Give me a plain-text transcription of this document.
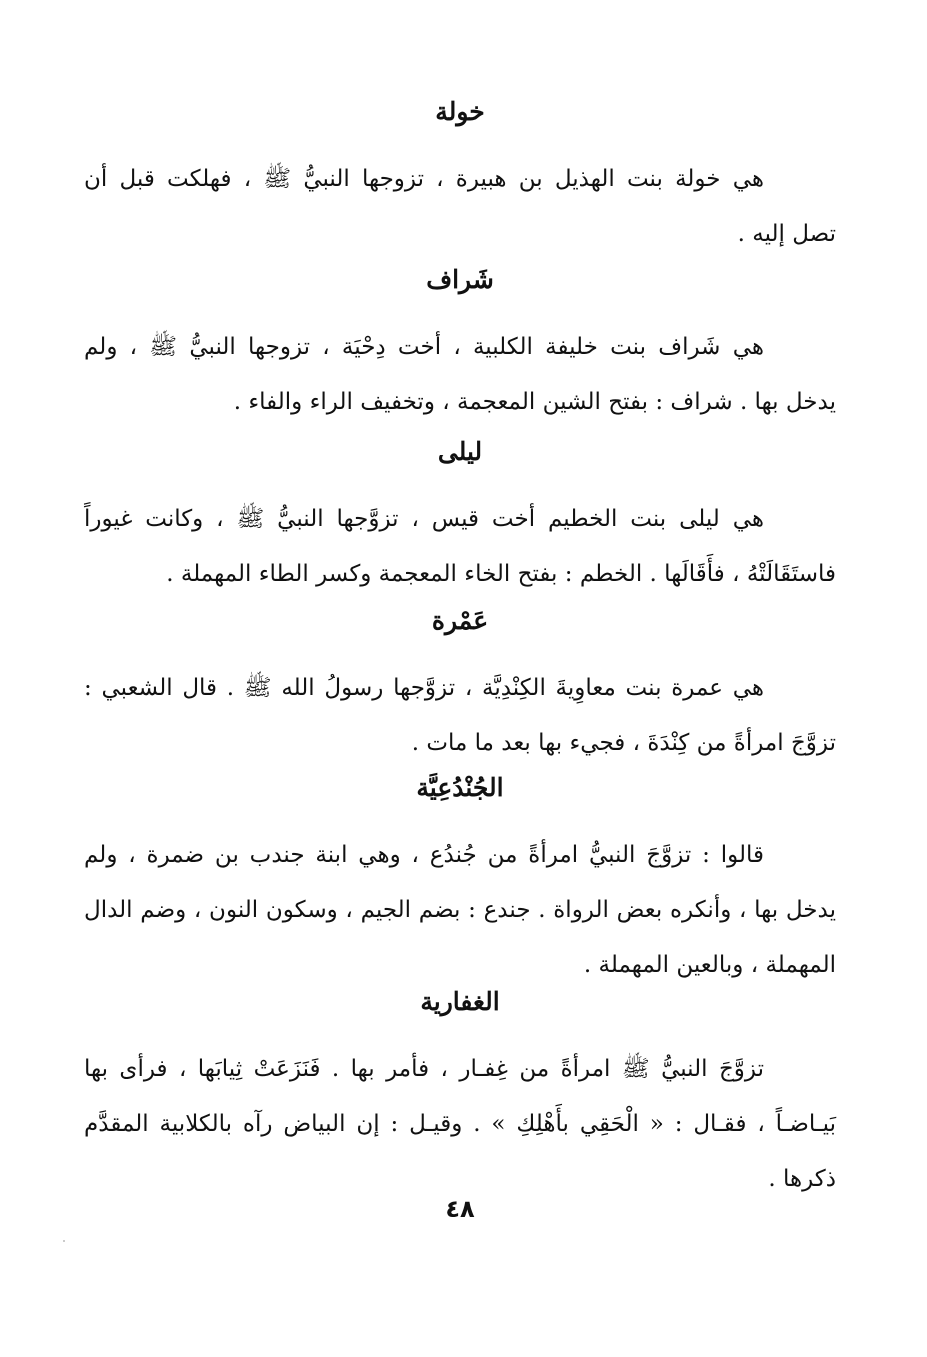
خولة

هي خولة بنت الهذيل بن هبيرة ، تزوجها النبيُّ ﷺ ، فهلكت قبل أن
تصل إليه .

شَراف

هي شَراف بنت خليفة الكلبية ، أخت دِحْيَة ، تزوجها النبيُّ ﷺ ، ولم
يدخل بها . شراف : بفتح الشين المعجمة ، وتخفيف الراء والفاء .

ليلى

هي ليلى بنت الخطيم أخت قيس ، تزوَّجها النبيُّ ﷺ ، وكانت غيوراً
فاستَقَالَتْهُ ، فأَقَالَها . الخطم : بفتح الخاء المعجمة وكسر الطاء المهملة .

عَمْرة

هي عمرة بنت معاوِيةَ الكِنْدِيَّة ، تزوَّجها رسولُ الله ﷺ . قال الشعبي :
تزوَّجَ امرأةً من كِنْدَةَ ، فجيء بها بعد ما مات .

الجُنْدُعِيَّة

قالوا : تزوَّجَ النبيُّ امرأةً من جُندُع ، وهي ابنة جندب بن ضمرة ، ولم
يدخل بها ، وأنكره بعض الرواة . جندع : بضم الجيم ، وسكون النون ، وضم الدال
المهملة ، وبالعين المهملة .

الغفارية

تزوَّجَ النبيُّ ﷺ امرأةً من غِفـار ، فأمر بها . فَنَزَعَتْ ثِيابَها ، فرأى بها
بَيـاضـاً ، فقـال : « الْحَقِي بأَهْلِكِ » . وقيـل : إن البياض رآه بالكلابية المقدَّم
ذكرها .

٤٨
